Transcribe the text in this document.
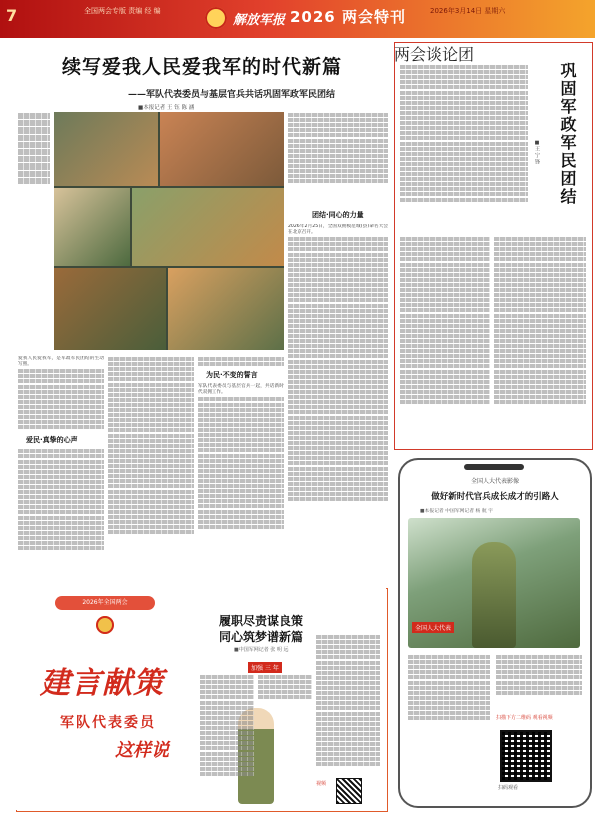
7	全国两会专版 责编 经 编
解放军报 2026 两会特刊	2026年3月14日 星期六
续写爱我人民爱我军的时代新篇
——军队代表委员与基层官兵共话巩固军政军民团结
■本报记者 王 钰 陈 涵
团结·同心的力量
2026年2月25日，全国双拥模范城(县)命名大会在北京召开。
爱我人民爱我军，是军政军民团结的生动写照。
爱民·真挚的心声
为民·不变的誓言
军队代表委员与基层官兵一起，共话新时代双拥工作。
两会谈论团
巩固军政军民团结
■王 宁 锋
全国人大代表影像
做好新时代官兵成长成才的引路人
■本报记者 中国军网记者 杨 航 宇
全国人大代表
扫描下方二维码 观看视频
扫码观看
2026年全国两会
建言献策
军队代表委员
这样说
履职尽责谋良策
同心筑梦谱新篇
■中国军网记者 张 明 远
加强 三 年
视频
